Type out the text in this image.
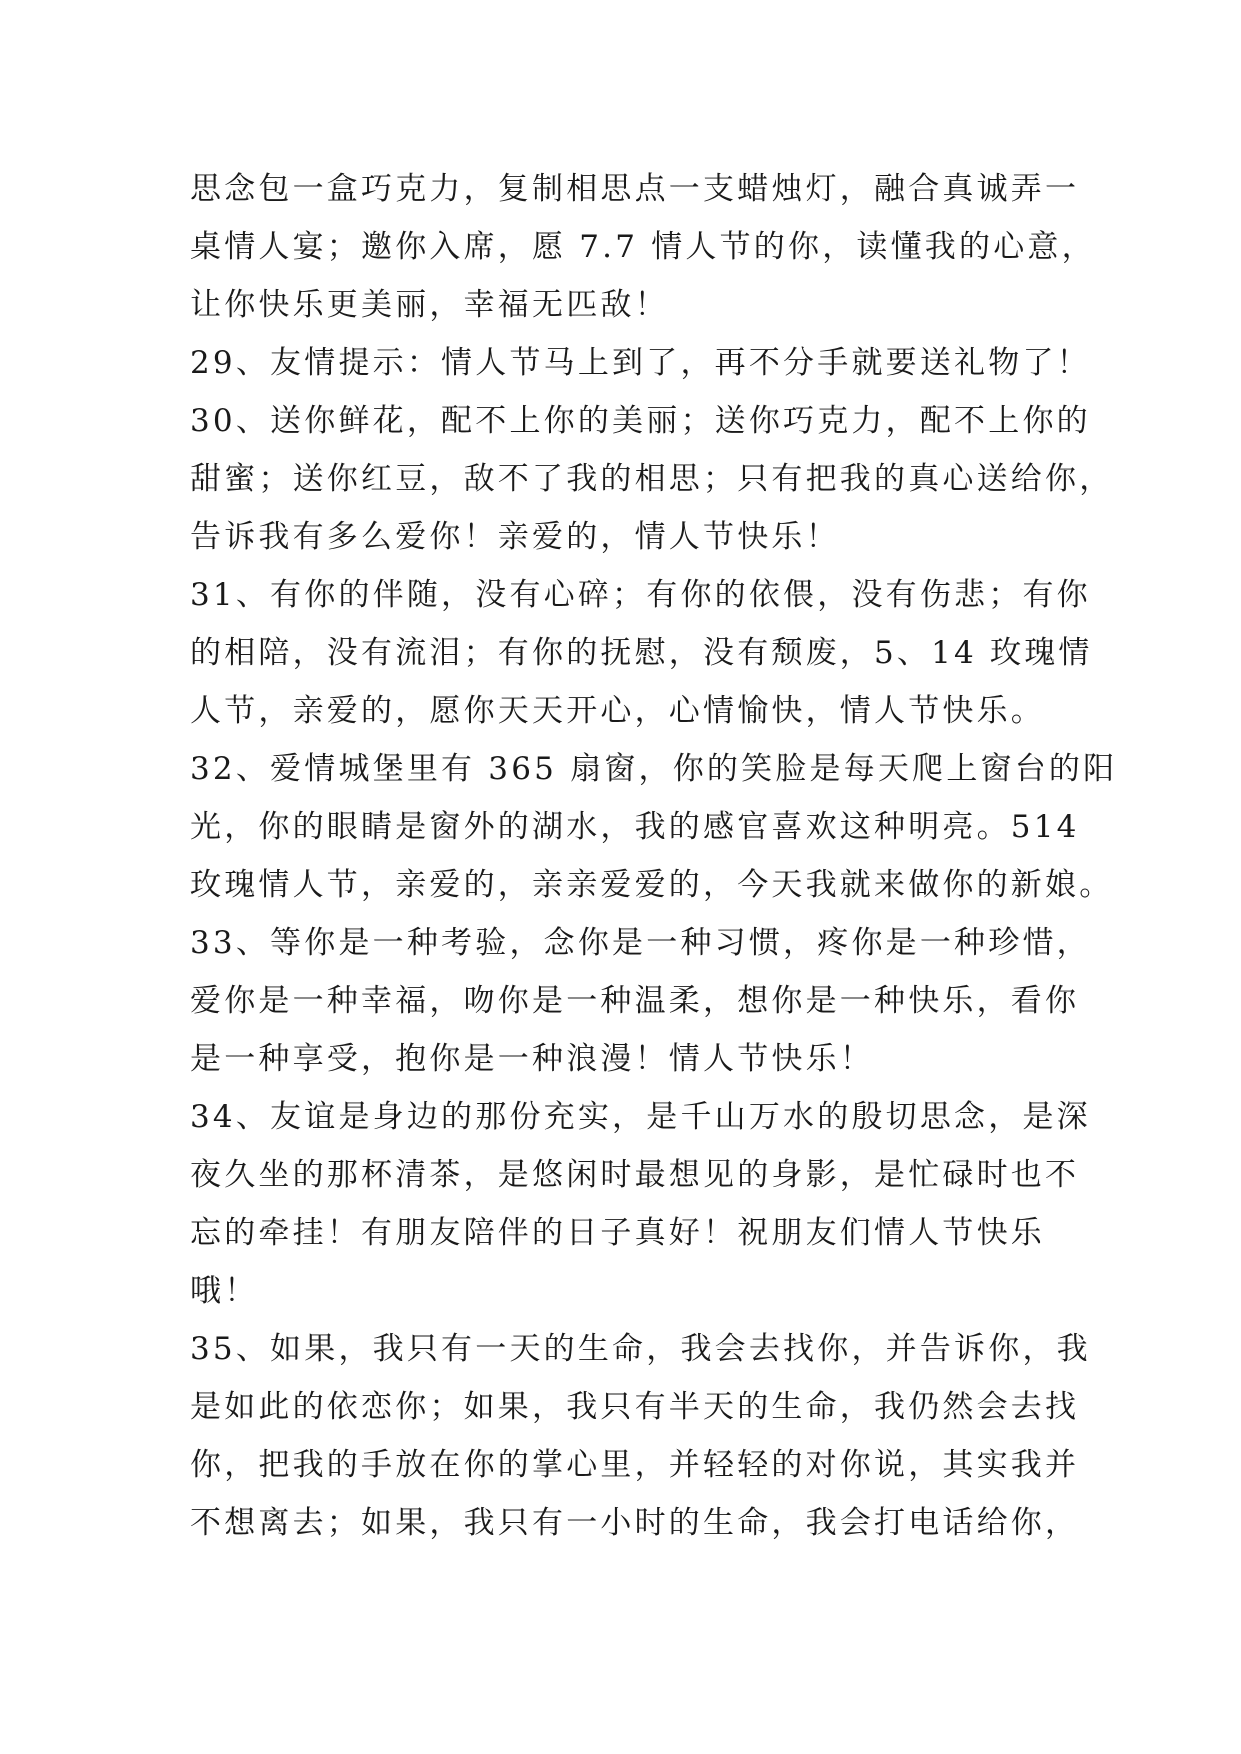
思念包一盒巧克力，复制相思点一支蜡烛灯，融合真诚弄一
桌情人宴；邀你入席，愿 7.7 情人节的你，读懂我的心意，
让你快乐更美丽，幸福无匹敌！
29、友情提示：情人节马上到了，再不分手就要送礼物了！
30、送你鲜花，配不上你的美丽；送你巧克力，配不上你的
甜蜜；送你红豆，敌不了我的相思；只有把我的真心送给你，
告诉我有多么爱你！亲爱的，情人节快乐！
31、有你的伴随，没有心碎；有你的依偎，没有伤悲；有你
的相陪，没有流泪；有你的抚慰，没有颓废，5、14 玫瑰情
人节，亲爱的，愿你天天开心，心情愉快，情人节快乐。
32、爱情城堡里有 365 扇窗，你的笑脸是每天爬上窗台的阳
光，你的眼睛是窗外的湖水，我的感官喜欢这种明亮。514
玫瑰情人节，亲爱的，亲亲爱爱的，今天我就来做你的新娘。
33、等你是一种考验，念你是一种习惯，疼你是一种珍惜，
爱你是一种幸福，吻你是一种温柔，想你是一种快乐，看你
是一种享受，抱你是一种浪漫！情人节快乐！
34、友谊是身边的那份充实，是千山万水的殷切思念，是深
夜久坐的那杯清茶，是悠闲时最想见的身影，是忙碌时也不
忘的牵挂！有朋友陪伴的日子真好！祝朋友们情人节快乐
哦！
35、如果，我只有一天的生命，我会去找你，并告诉你，我
是如此的依恋你；如果，我只有半天的生命，我仍然会去找
你，把我的手放在你的掌心里，并轻轻的对你说，其实我并
不想离去；如果，我只有一小时的生命，我会打电话给你，
